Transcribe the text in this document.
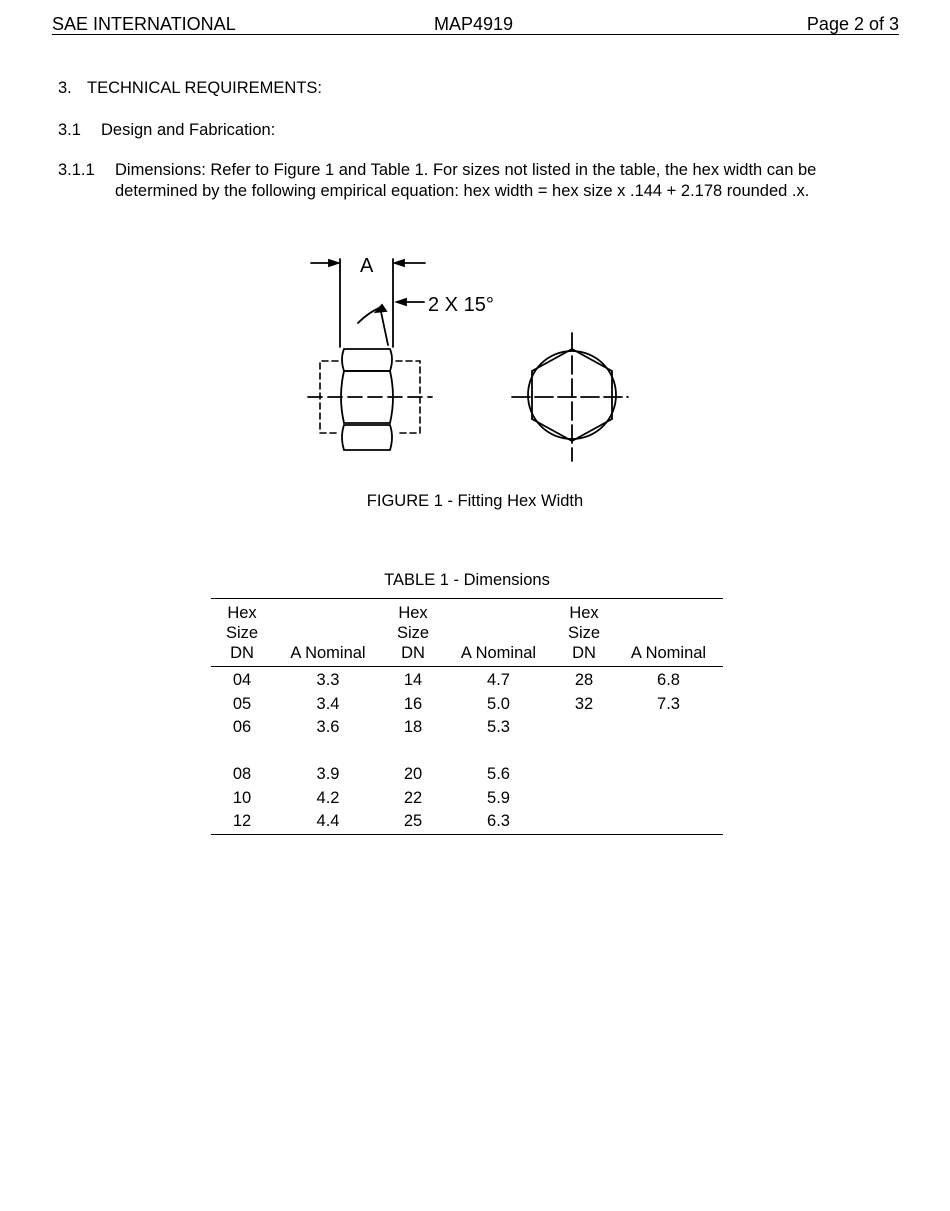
SAE INTERNATIONAL	MAP4919	Page 2 of 3
3. TECHNICAL REQUIREMENTS:
3.1 Design and Fabrication:
3.1.1 Dimensions: Refer to Figure 1 and Table 1. For sizes not listed in the table, the hex width can be
determined by the following empirical equation: hex width = hex size x .144 + 2.178 rounded .x.
A
2 X 15°
FIGURE 1 - Fitting Hex Width
TABLE 1 - Dimensions
Hex
Size
DN	A Nominal	Hex
Size
DN	A Nominal	Hex
Size
DN	A Nominal
04	3.3	14	4.7	28	6.8
05	3.4	16	5.0	32	7.3
06	3.6	18	5.3		

08	3.9	20	5.6		
10	4.2	22	5.9		
12	4.4	25	6.3		
